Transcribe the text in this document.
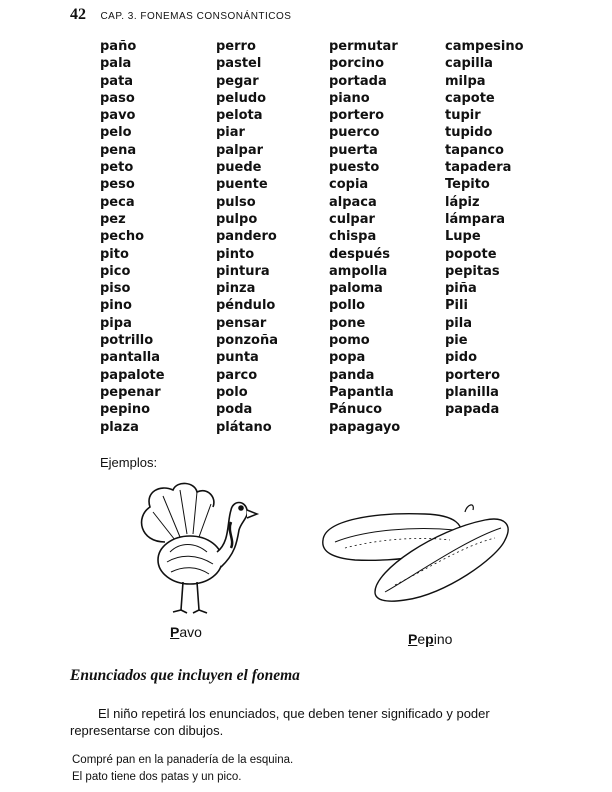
42 CAP. 3. FONEMAS CONSONÁNTICOS
paño
pala
pata
paso
pavo
pelo
pena
peto
peso
peca
pez
pecho
pito
pico
piso
pino
pipa
potrillo
pantalla
papalote
pepenar
pepino
plaza
perro
pastel
pegar
peludo
pelota
piar
palpar
puede
puente
pulso
pulpo
pandero
pinto
pintura
pinza
péndulo
pensar
ponzoña
punta
parco
polo
poda
plátano
permutar
porcino
portada
piano
portero
puerco
puerta
puesto
copia
alpaca
culpar
chispa
después
ampolla
paloma
pollo
pone
pomo
popa
panda
Papantla
Pánuco
papagayo
campesino
capilla
milpa
capote
tupir
tupido
tapanco
tapadera
Tepito
lápiz
lámpara
Lupe
popote
pepitas
piña
Pili
pila
pie
pido
portero
planilla
papada
Ejemplos:
Pavo	Pepino
Enunciados que incluyen el fonema

El niño repetirá los enunciados, que deben tener significado y poder representarse con dibujos.

Compré pan en la panadería de la esquina.
El pato tiene dos patas y un pico.
